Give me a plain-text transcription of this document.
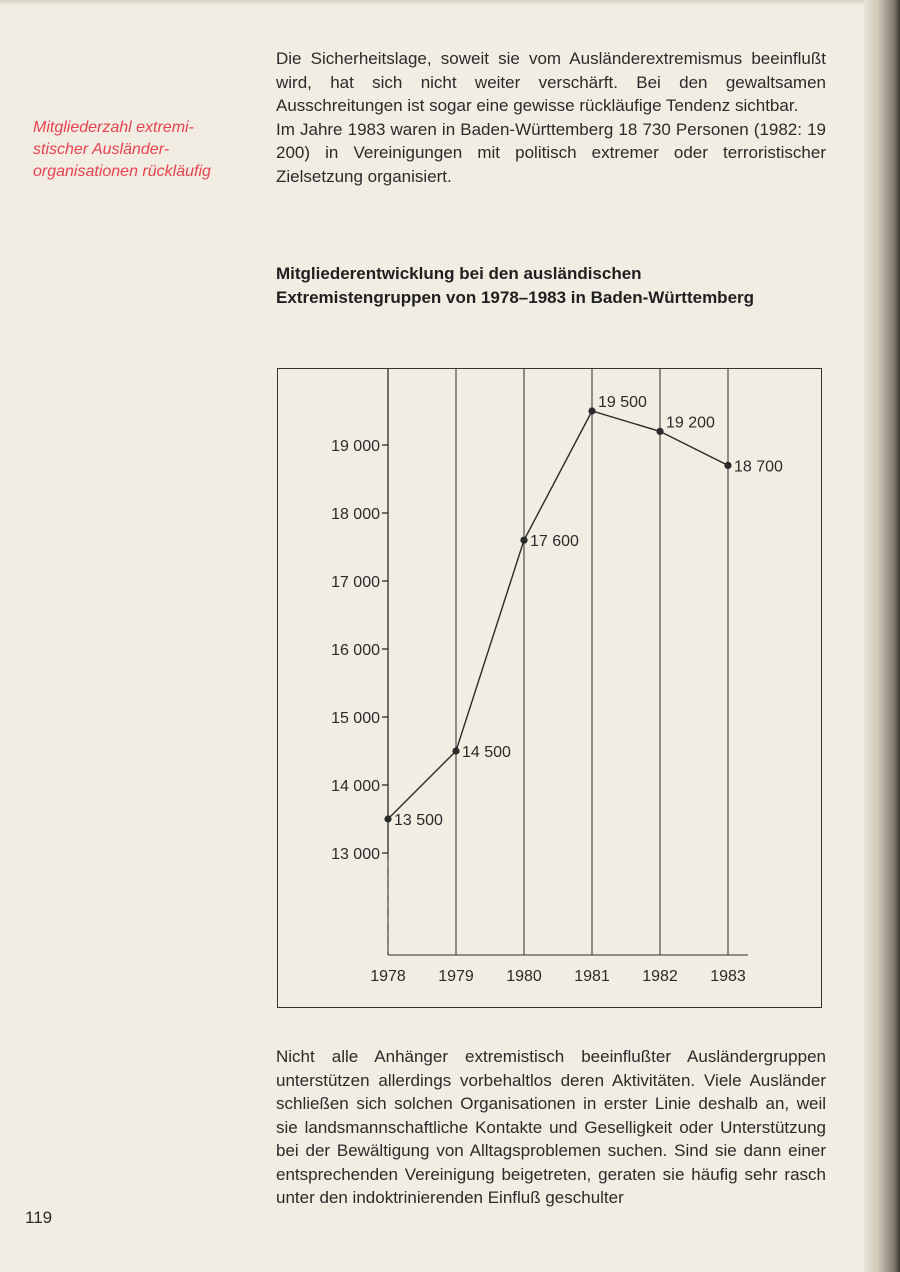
Mitgliederzahl extremi-
stischer Ausländer-
organisationen rückläufig

Die Sicherheitslage, soweit sie vom Ausländerextremismus beeinflußt wird, hat sich nicht weiter verschärft. Bei den gewaltsamen Ausschreitungen ist sogar eine gewisse rückläufige Tendenz sichtbar.

Im Jahre 1983 waren in Baden-Württemberg 18 730 Personen (1982: 19 200) in Vereinigungen mit politisch extremer oder terroristischer Zielsetzung organisiert.

Mitgliederentwicklung bei den ausländischen
Extremistengruppen von 1978–1983 in Baden-Württemberg
13 000
14 000
15 000
16 000
17 000
18 000
19 000
1978 1979 1980 1981 1982 1983
13 500
14 500
17 600
19 500
19 200
18 700

Nicht alle Anhänger extremistisch beeinflußter Ausländergruppen unterstützen allerdings vorbehaltlos deren Aktivitäten. Viele Ausländer schließen sich solchen Organisationen in erster Linie deshalb an, weil sie landsmannschaftliche Kontakte und Geselligkeit oder Unterstützung bei der Bewältigung von Alltagsproblemen suchen. Sind sie dann einer entsprechenden Vereinigung beigetreten, geraten sie häufig sehr rasch unter den indoktrinierenden Einfluß geschulter

119
